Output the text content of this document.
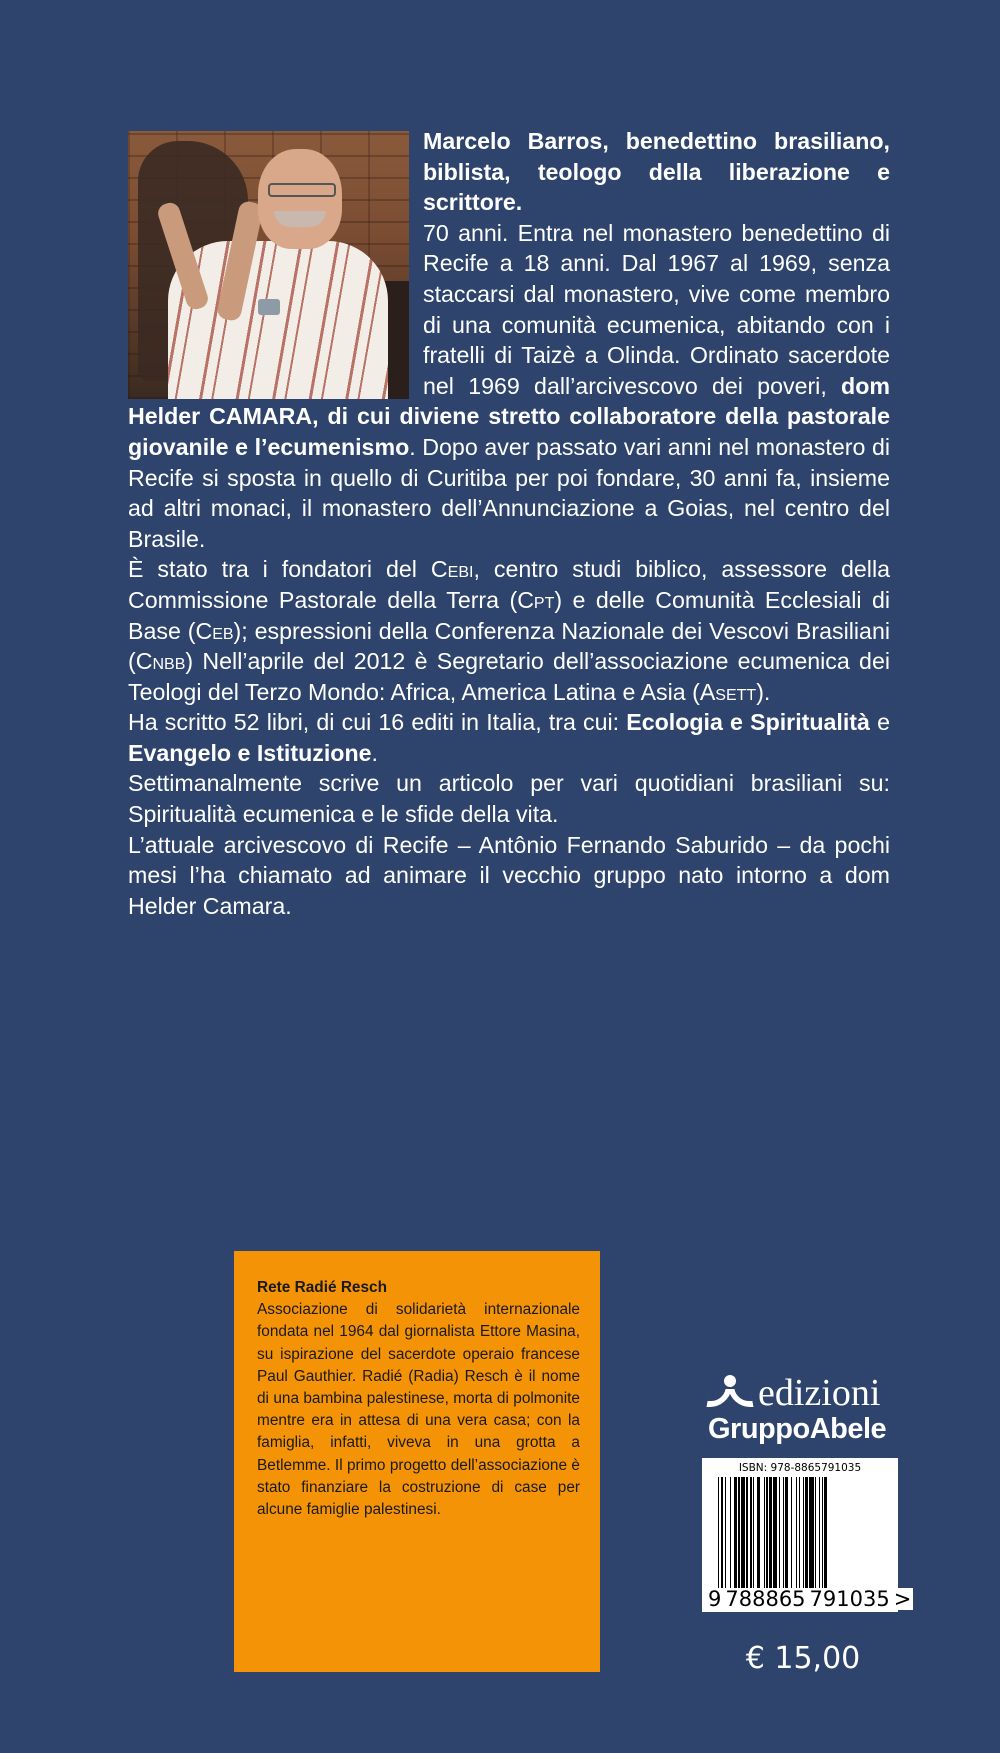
Marcelo Barros, benedettino brasiliano, biblista, teologo della liberazione e scrittore.

70 anni. Entra nel monastero benedettino di Recife a 18 anni. Dal 1967 al 1969, senza staccarsi dal monastero, vive come membro di una comunità ecumenica, abitando con i fratelli di Taizè a Olinda. Ordinato sacerdote nel 1969 dall’arcivescovo dei poveri, dom Helder CAMARA, di cui diviene stretto collaboratore della pastorale giovanile e l’ecumenismo. Dopo aver passato vari anni nel monastero di Recife si sposta in quello di Curitiba per poi fondare, 30 anni fa, insieme ad altri monaci, il monastero dell’Annunciazione a Goias, nel centro del Brasile.

È stato tra i fondatori del Cebi, centro studi biblico, assessore della Commissione Pastorale della Terra (Cpt) e delle Comunità Ecclesiali di Base (Ceb); espressioni della Conferenza Nazionale dei Vescovi Brasiliani (Cnbb) Nell’aprile del 2012 è Segretario dell’associazione ecumenica dei Teologi del Terzo Mondo: Africa, America Latina e Asia (Asett).

Ha scritto 52 libri, di cui 16 editi in Italia, tra cui: Ecologia e Spiritualità e Evangelo e Istituzione.

Settimanalmente scrive un articolo per vari quotidiani brasiliani su: Spiritualità ecumenica e le sfide della vita.

L’attuale arcivescovo di Recife – Antônio Fernando Saburido – da pochi mesi l’ha chiamato ad animare il vecchio gruppo nato intorno a dom Helder Camara.

Rete Radié Resch
Associazione di solidarietà internazionale fondata nel 1964 dal giornalista Ettore Masina, su ispirazione del sacerdote operaio francese Paul Gauthier. Radié (Radia) Resch è il nome di una bambina palestinese, morta di polmonite mentre era in attesa di una vera casa; con la famiglia, infatti, viveva in una grotta a Betlemme. Il primo progetto dell’associazione è stato finanziare la costruzione di case per alcune famiglie palestinesi.
edizioni
GruppoAbele
ISBN: 978-8865791035
9 788865 791035 >
€ 15,00
